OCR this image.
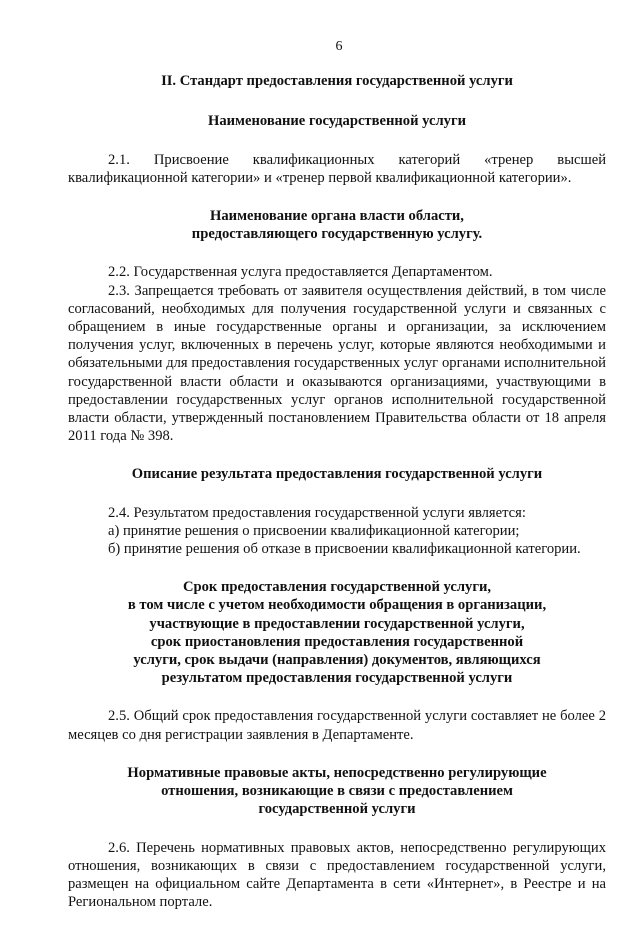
6
II. Стандарт предоставления государственной услуги
Наименование государственной услуги

2.1. Присвоение квалификационных категорий «тренер высшей квалификационной категории» и «тренер первой квалификационной категории».

Наименование органа власти области,
предоставляющего государственную услугу.

2.2. Государственная услуга предоставляется Департаментом.

2.3. Запрещается требовать от заявителя осуществления действий, в том числе согласований, необходимых для получения государственной услуги и связанных с обращением в иные государственные органы и организации, за исключением получения услуг, включенных в перечень услуг, которые являются необходимыми и обязательными для предоставления государственных услуг органами исполнительной государственной власти области и оказываются организациями, участвующими в предоставлении государственных услуг органов исполнительной государственной власти области, утвержденный постановлением Правительства области от 18 апреля 2011 года № 398.

Описание результата предоставления государственной услуги

2.4. Результатом предоставления государственной услуги является:

а) принятие решения о присвоении квалификационной категории;

б) принятие решения об отказе в присвоении квалификационной категории.

Срок предоставления государственной услуги,
в том числе с учетом необходимости обращения в организации,
участвующие в предоставлении государственной услуги,
срок приостановления предоставления государственной
услуги, срок выдачи (направления) документов, являющихся
результатом предоставления государственной услуги

2.5. Общий срок предоставления государственной услуги составляет не более 2 месяцев со дня регистрации заявления в Департаменте.

Нормативные правовые акты, непосредственно регулирующие
отношения, возникающие в связи с предоставлением
государственной услуги

2.6. Перечень нормативных правовых актов, непосредственно регулирующих отношения, возникающих в связи с предоставлением государственной услуги, размещен на официальном сайте Департамента в сети «Интернет», в Реестре и на Региональном портале.
